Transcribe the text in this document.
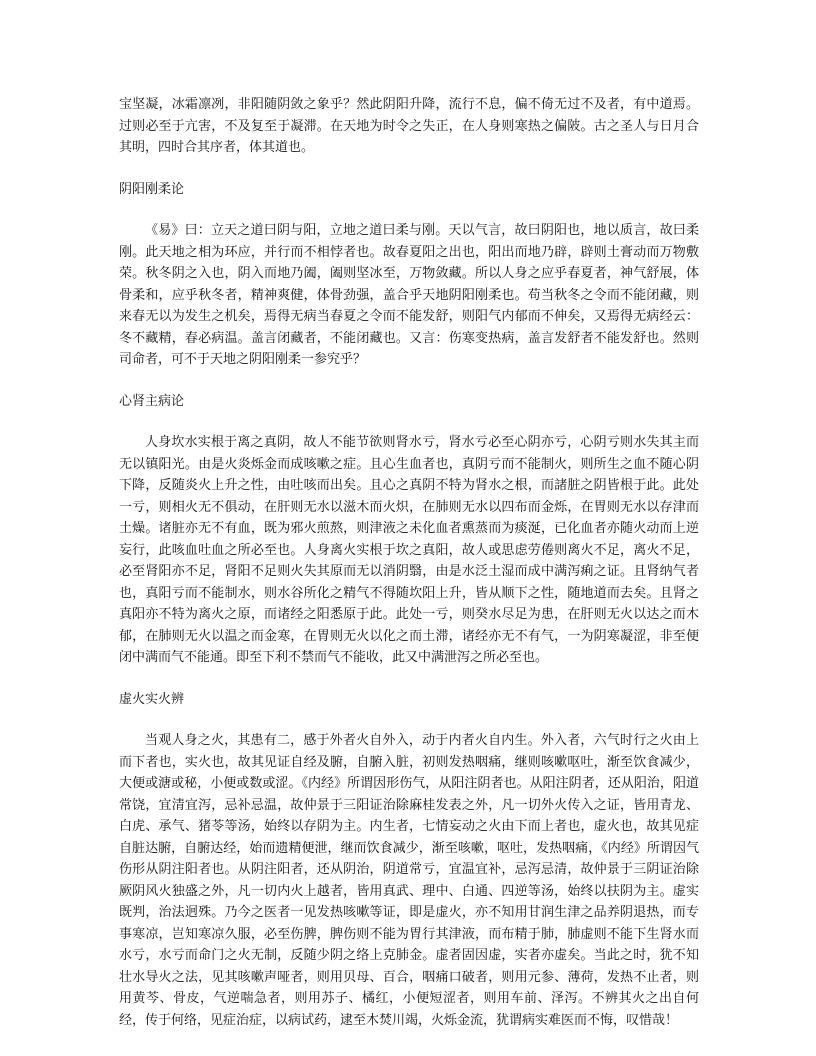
宝坚凝，冰霜凛冽，非阳随阴敛之象乎？然此阴阳升降，流行不息，偏不倚无过不及者，有中道焉。过则必至于亢害，不及复至于凝滞。在天地为时令之失正，在人身则寒热之偏陂。古之圣人与日月合其明，四时合其序者，体其道也。

阴阳刚柔论

《易》曰：立天之道曰阴与阳，立地之道曰柔与刚。天以气言，故曰阴阳也，地以质言，故曰柔刚。此天地之相为环应，并行而不相悖者也。故春夏阳之出也，阳出而地乃辟，辟则土膏动而万物敷荣。秋冬阴之入也，阴入而地乃阖，阖则坚冰至，万物敛藏。所以人身之应乎春夏者，神气舒展，体骨柔和，应乎秋冬者，精神爽健，体骨劲强，盖合乎天地阴阳刚柔也。苟当秋冬之令而不能闭藏，则来春无以为发生之机矣，焉得无病当春夏之令而不能发舒，则阳气内郁而不伸矣，又焉得无病经云：冬不藏精，春必病温。盖言闭藏者，不能闭藏也。又言：伤寒变热病，盖言发舒者不能发舒也。然则司命者，可不于天地之阴阳刚柔一参究乎？

心肾主病论

人身坎水实根于离之真阴，故人不能节欲则肾水亏，肾水亏必至心阴亦亏，心阴亏则水失其主而无以镇阳光。由是火炎烁金而成咳嗽之症。且心生血者也，真阴亏而不能制火，则所生之血不随心阴下降，反随炎火上升之性，由吐咳而出矣。且心之真阴不特为肾水之根，而諸脏之阴皆根于此。此处一亏，则相火无不俱动，在肝则无水以滋木而火炽，在肺则无水以四布而金烁，在胃则无水以存津而土燥。诸脏亦无不有血，既为邪火煎熬，则津液之未化血者熏蒸而为痰涎，已化血者亦随火动而上逆妄行，此咳血吐血之所必至也。人身离火实根于坎之真阳，故人或思虑劳倦则离火不足，离火不足，必至肾阳亦不足，肾阳不足则火失其原而无以消阴翳，由是水泛土湿而成中满泻痢之证。且肾纳气者也，真阳亏而不能制水，则水谷所化之精气不得随坎阳上升，皆从顺下之性，随地道而去矣。且肾之真阳亦不特为离火之原，而诸经之阳悉原于此。此处一亏，则癸水尽足为患，在肝则无火以达之而木郁，在肺则无火以温之而金寒，在胃则无火以化之而土滞，诸经亦无不有气，一为阴寒凝涩，非至便闭中满而气不能通。即至下利不禁而气不能收，此又中满泄泻之所必至也。

虚火实火辨

当观人身之火，其患有二，感于外者火自外入，动于内者火自内生。外入者，六气时行之火由上而下者也，实火也，故其见证自经及腑，自腑入脏，初则发热咽痛，继则咳嗽呕吐，渐至饮食减少，大便或溏或秘，小便或数或涩。《内经》所谓因形伤气，从阳注阴者也。从阳注阴者，还从阳治，阳道常饶，宜清宜泻，忌补忌温，故仲景于三阳证治除麻桂发表之外，凡一切外火传入之证，皆用青龙、白虎、承气、猪苓等汤，始终以存阴为主。内生者，七情妄动之火由下而上者也，虚火也，故其见症自脏达腑，自腑达经，始而遗精便泄，继而饮食减少，渐至咳嗽，呕吐，发热咽痛，《内经》所谓因气伤形从阴注阳者也。从阴注阳者，还从阴治，阴道常亏，宜温宜补，忌泻忌清，故仲景于三阴证治除厥阴风火独盛之外，凡一切内火上越者，皆用真武、理中、白通、四逆等汤，始终以扶阴为主。虚实既判，治法迥殊。乃今之医者一见发热咳嗽等证，即是虚火，亦不知用甘润生津之品养阴退热，而专事寒凉，岂知寒凉久服，必至伤脾，脾伤则不能为胃行其津液，而布精于肺，肺虚则不能下生肾水而水亏，水亏而命门之火无制，反随少阴之络上克肺金。虚者固因虚，实者亦虚矣。当此之时，犹不知壮水导火之法，见其咳嗽声哑者，则用贝母、百合，咽痛口破者，则用元参、薄荷，发热不止者，则用黄芩、骨皮，气逆喘急者，则用苏子、橘红，小便短涩者，则用车前、泽泻。不辨其火之出自何经，传于何络，见症治症，以病试药，逮至木焚川竭，火烁金流，犹谓病实难医而不悔，叹惜哉！
